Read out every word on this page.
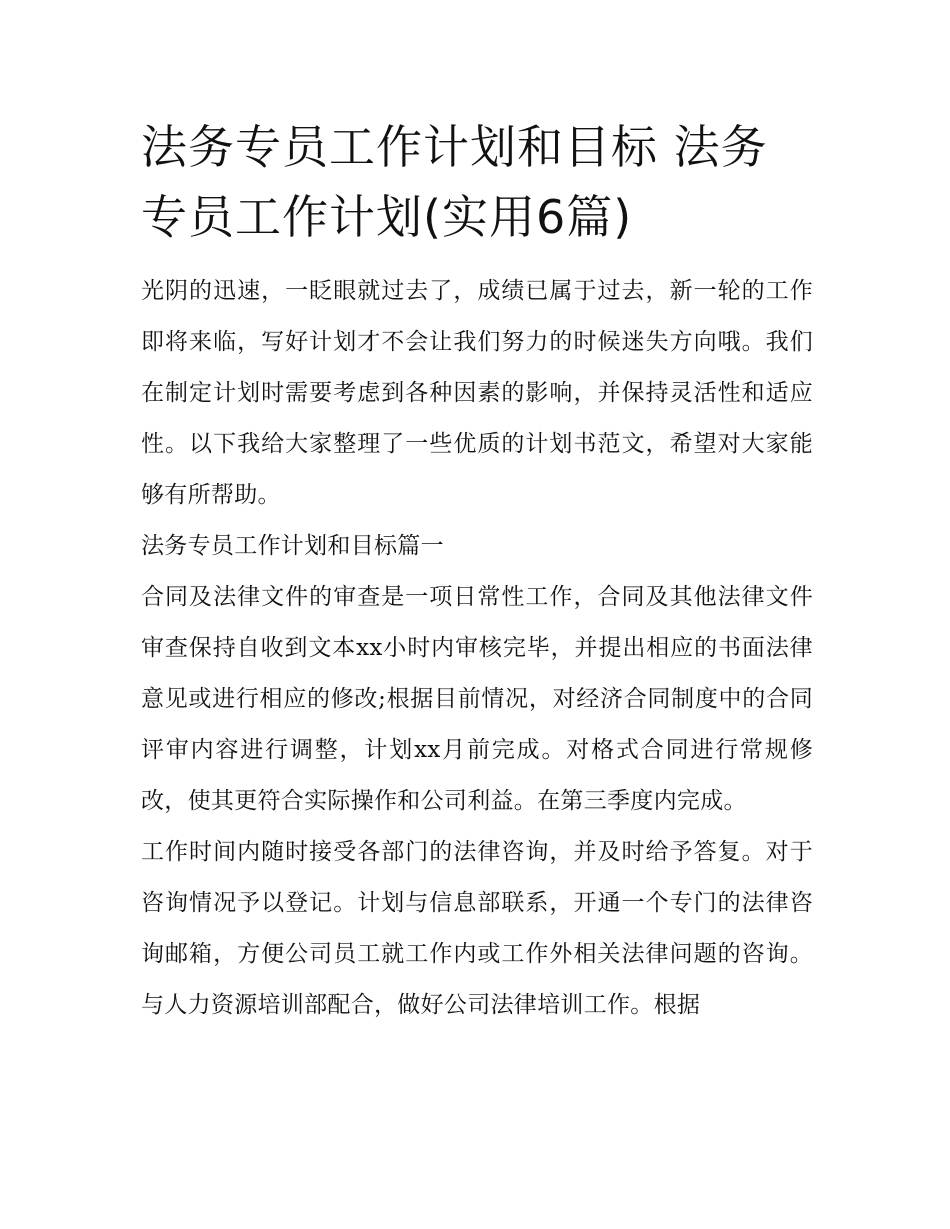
法务专员工作计划和目标 法务专员工作计划(实用6篇)

光阴的迅速，一眨眼就过去了，成绩已属于过去，新一轮的工作即将来临，写好计划才不会让我们努力的时候迷失方向哦。我们在制定计划时需要考虑到各种因素的影响，并保持灵活性和适应性。以下我给大家整理了一些优质的计划书范文，希望对大家能够有所帮助。

法务专员工作计划和目标篇一

合同及法律文件的审查是一项日常性工作，合同及其他法律文件审查保持自收到文本xx小时内审核完毕，并提出相应的书面法律意见或进行相应的修改;根据目前情况，对经济合同制度中的合同评审内容进行调整，计划xx月前完成。对格式合同进行常规修改，使其更符合实际操作和公司利益。在第三季度内完成。

工作时间内随时接受各部门的法律咨询，并及时给予答复。对于咨询情况予以登记。计划与信息部联系，开通一个专门的法律咨询邮箱，方便公司员工就工作内或工作外相关法律问题的咨询。与人力资源培训部配合，做好公司法律培训工作。根据
